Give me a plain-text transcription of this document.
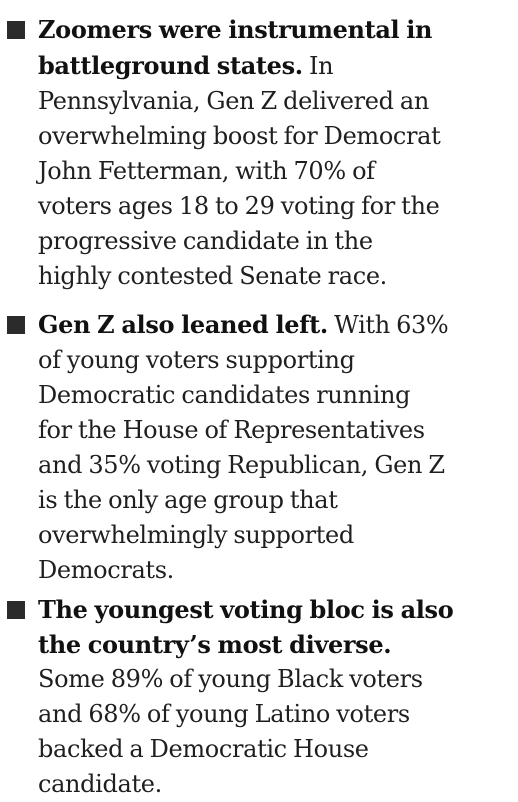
Zoomers were instrumental in
battleground states. In
Pennsylvania, Gen Z delivered an
overwhelming boost for Democrat
John Fetterman, with 70% of
voters ages 18 to 29 voting for the
progressive candidate in the
highly contested Senate race.
Gen Z also leaned left. With 63%
of young voters supporting
Democratic candidates running
for the House of Representatives
and 35% voting Republican, Gen Z
is the only age group that
overwhelmingly supported
Democrats.
The youngest voting bloc is also
the country’s most diverse.
Some 89% of young Black voters
and 68% of young Latino voters
backed a Democratic House
candidate.
